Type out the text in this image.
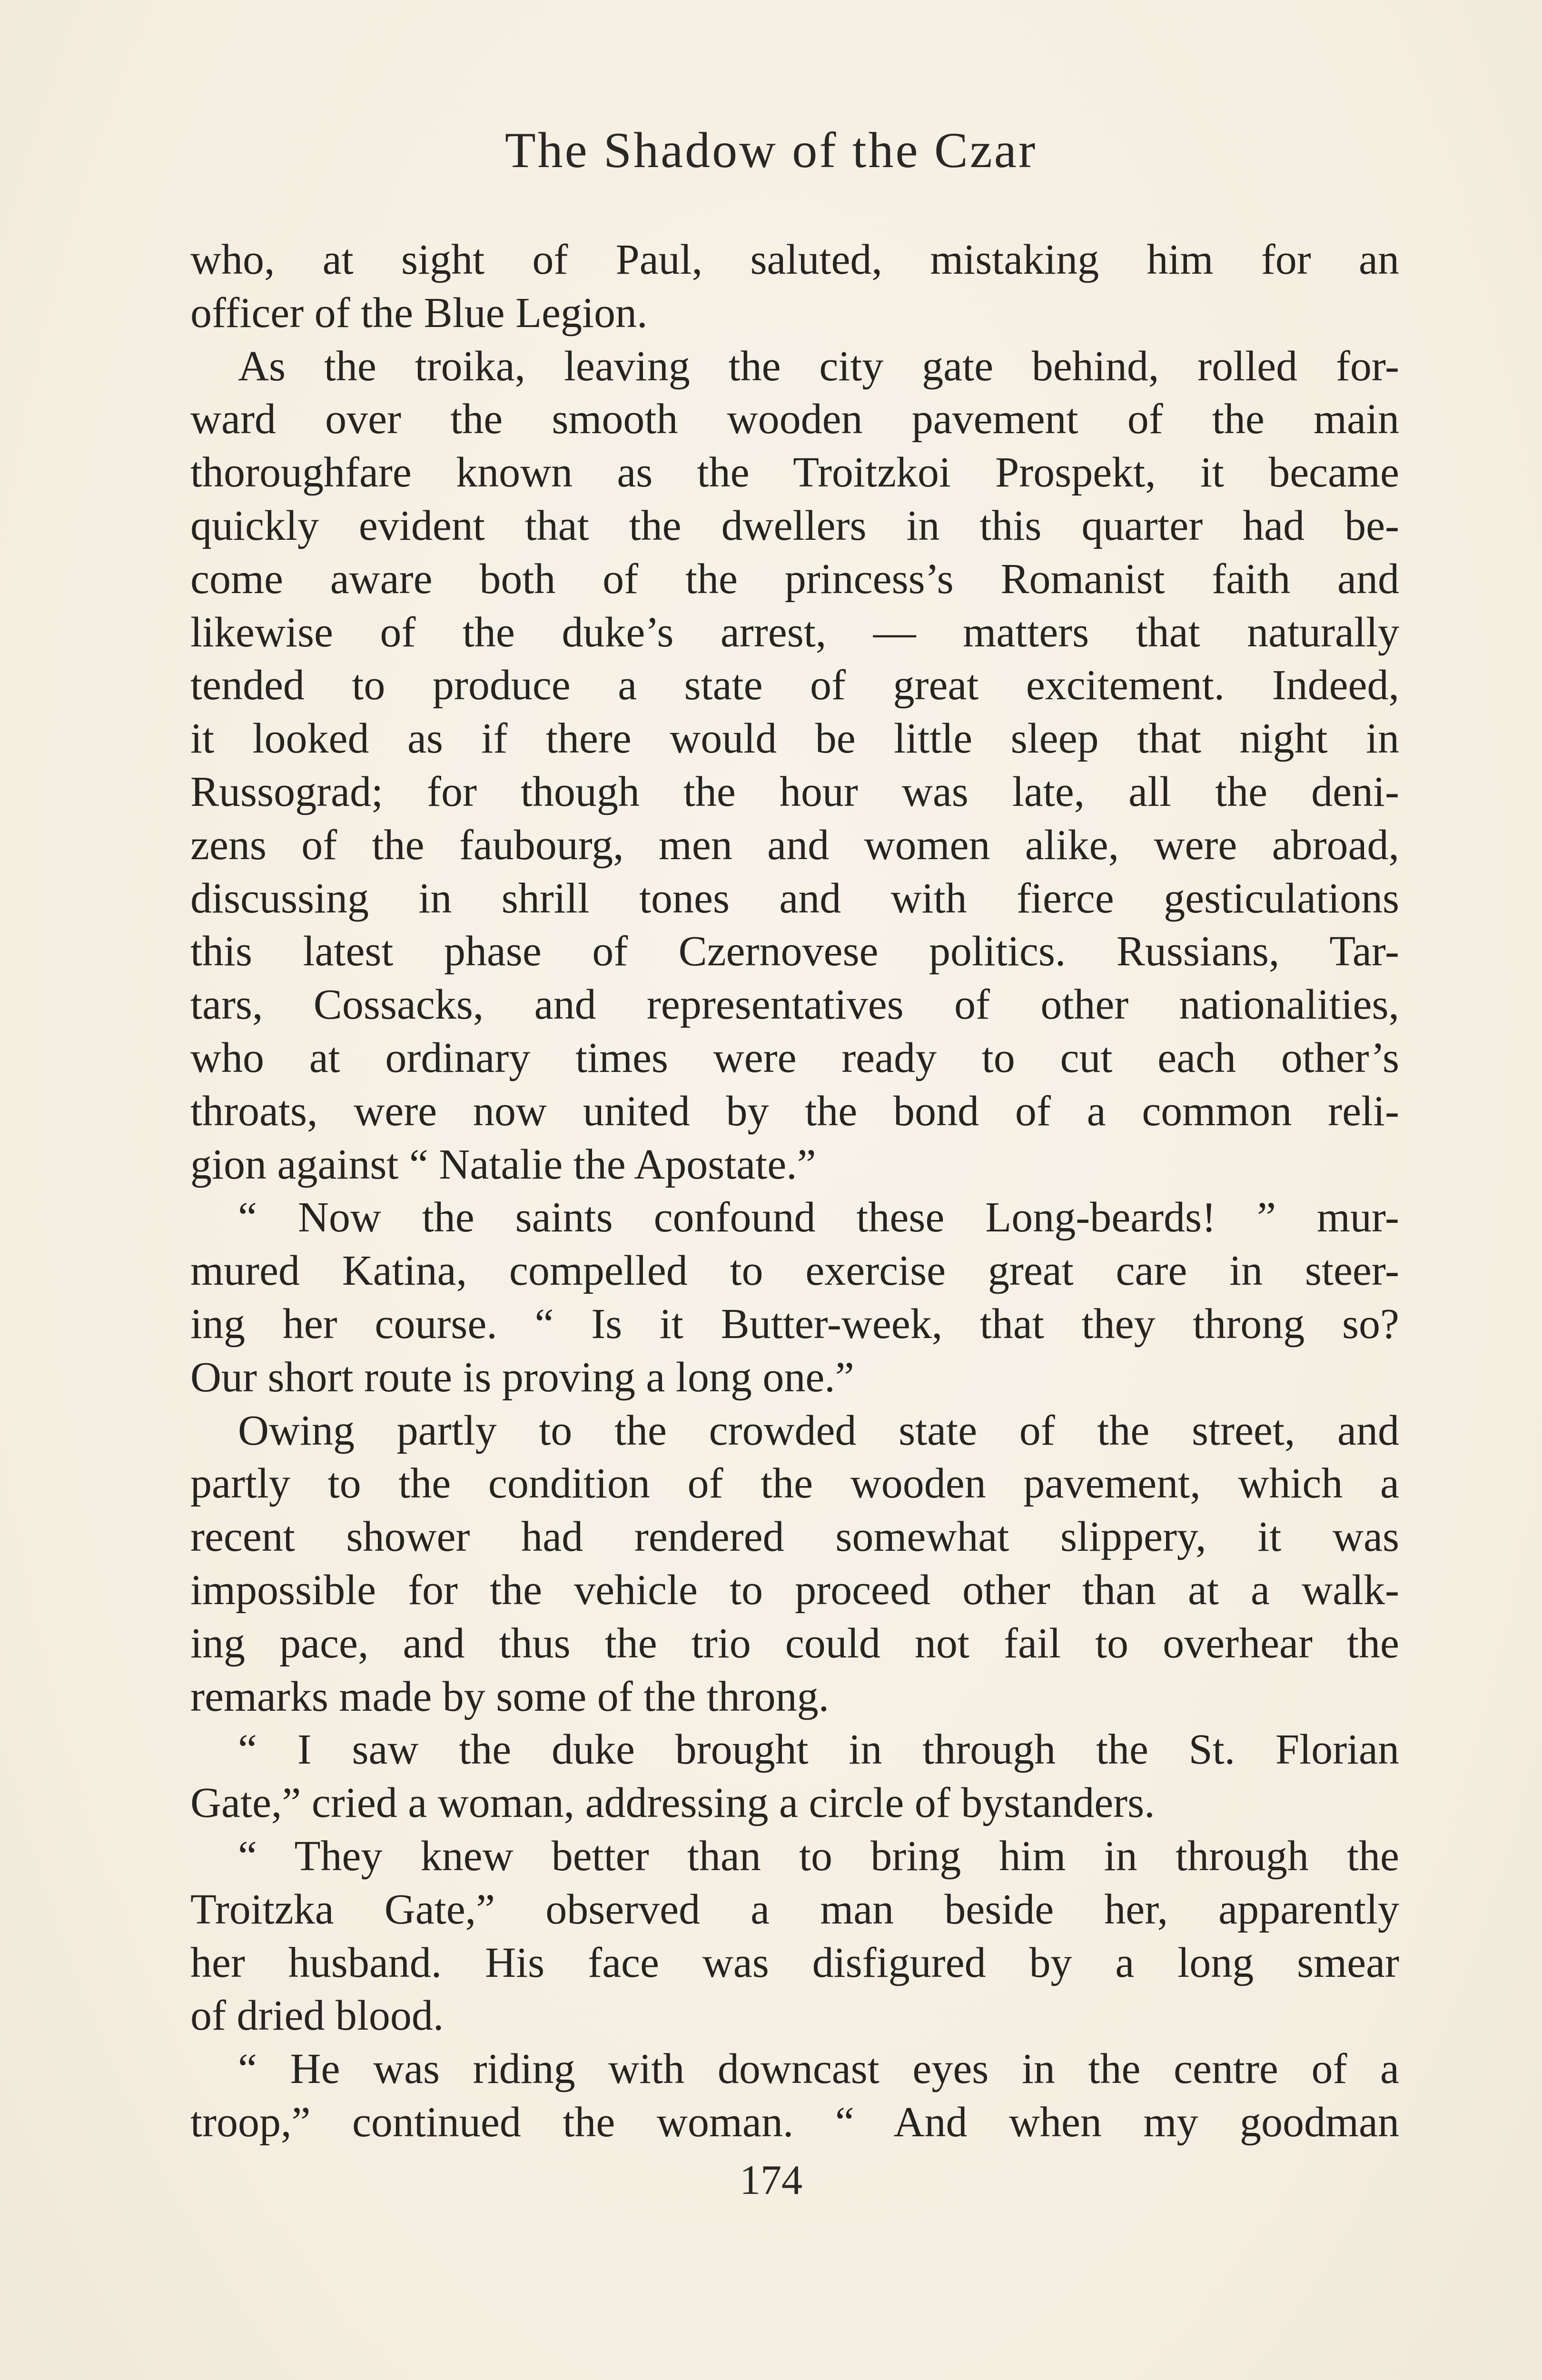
The Shadow of the Czar
who, at sight of Paul, saluted, mistaking him for an
officer of the Blue Legion.
As the troika, leaving the city gate behind, rolled for-
ward over the smooth wooden pavement of the main
thoroughfare known as the Troitzkoi Prospekt, it became
quickly evident that the dwellers in this quarter had be-
come aware both of the princess’s Romanist faith and
likewise of the duke’s arrest, — matters that naturally
tended to produce a state of great excitement. Indeed,
it looked as if there would be little sleep that night in
Russograd; for though the hour was late, all the deni-
zens of the faubourg, men and women alike, were abroad,
discussing in shrill tones and with fierce gesticulations
this latest phase of Czernovese politics. Russians, Tar-
tars, Cossacks, and representatives of other nationalities,
who at ordinary times were ready to cut each other’s
throats, were now united by the bond of a common reli-
gion against “ Natalie the Apostate.”
“ Now the saints confound these Long-beards! ” mur-
mured Katina, compelled to exercise great care in steer-
ing her course. “ Is it Butter-week, that they throng so?
Our short route is proving a long one.”
Owing partly to the crowded state of the street, and
partly to the condition of the wooden pavement, which a
recent shower had rendered somewhat slippery, it was
impossible for the vehicle to proceed other than at a walk-
ing pace, and thus the trio could not fail to overhear the
remarks made by some of the throng.
“ I saw the duke brought in through the St. Florian
Gate,” cried a woman, addressing a circle of bystanders.
“ They knew better than to bring him in through the
Troitzka Gate,” observed a man beside her, apparently
her husband. His face was disfigured by a long smear
of dried blood.
“ He was riding with downcast eyes in the centre of a
troop,” continued the woman. “ And when my goodman
174
